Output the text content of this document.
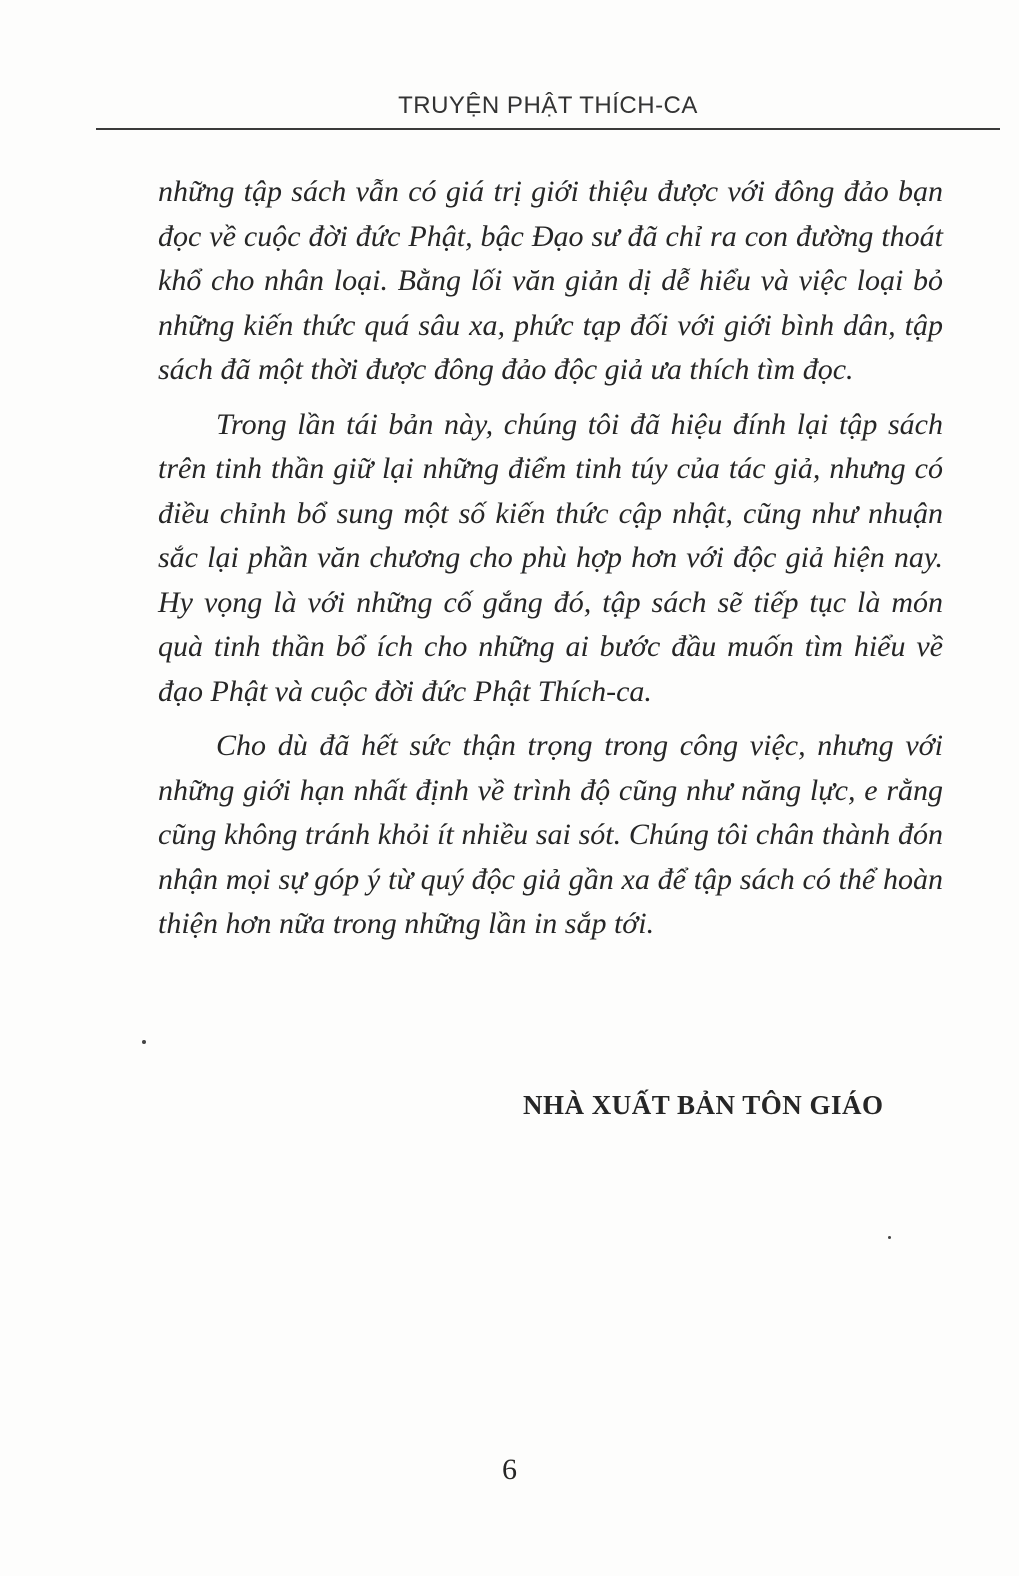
TRUYỆN PHẬT THÍCH-CA

những tập sách vẫn có giá trị giới thiệu được với đông đảo bạn đọc về cuộc đời đức Phật, bậc Đạo sư đã chỉ ra con đường thoát khổ cho nhân loại. Bằng lối văn giản dị dễ hiểu và việc loại bỏ những kiến thức quá sâu xa, phức tạp đối với giới bình dân, tập sách đã một thời được đông đảo độc giả ưa thích tìm đọc.

Trong lần tái bản này, chúng tôi đã hiệu đính lại tập sách trên tinh thần giữ lại những điểm tinh túy của tác giả, nhưng có điều chỉnh bổ sung một số kiến thức cập nhật, cũng như nhuận sắc lại phần văn chương cho phù hợp hơn với độc giả hiện nay. Hy vọng là với những cố gắng đó, tập sách sẽ tiếp tục là món quà tinh thần bổ ích cho những ai bước đầu muốn tìm hiểu về đạo Phật và cuộc đời đức Phật Thích-ca.

Cho dù đã hết sức thận trọng trong công việc, nhưng với những giới hạn nhất định về trình độ cũng như năng lực, e rằng cũng không tránh khỏi ít nhiều sai sót. Chúng tôi chân thành đón nhận mọi sự góp ý từ quý độc giả gần xa để tập sách có thể hoàn thiện hơn nữa trong những lần in sắp tới.

NHÀ XUẤT BẢN TÔN GIÁO
6
